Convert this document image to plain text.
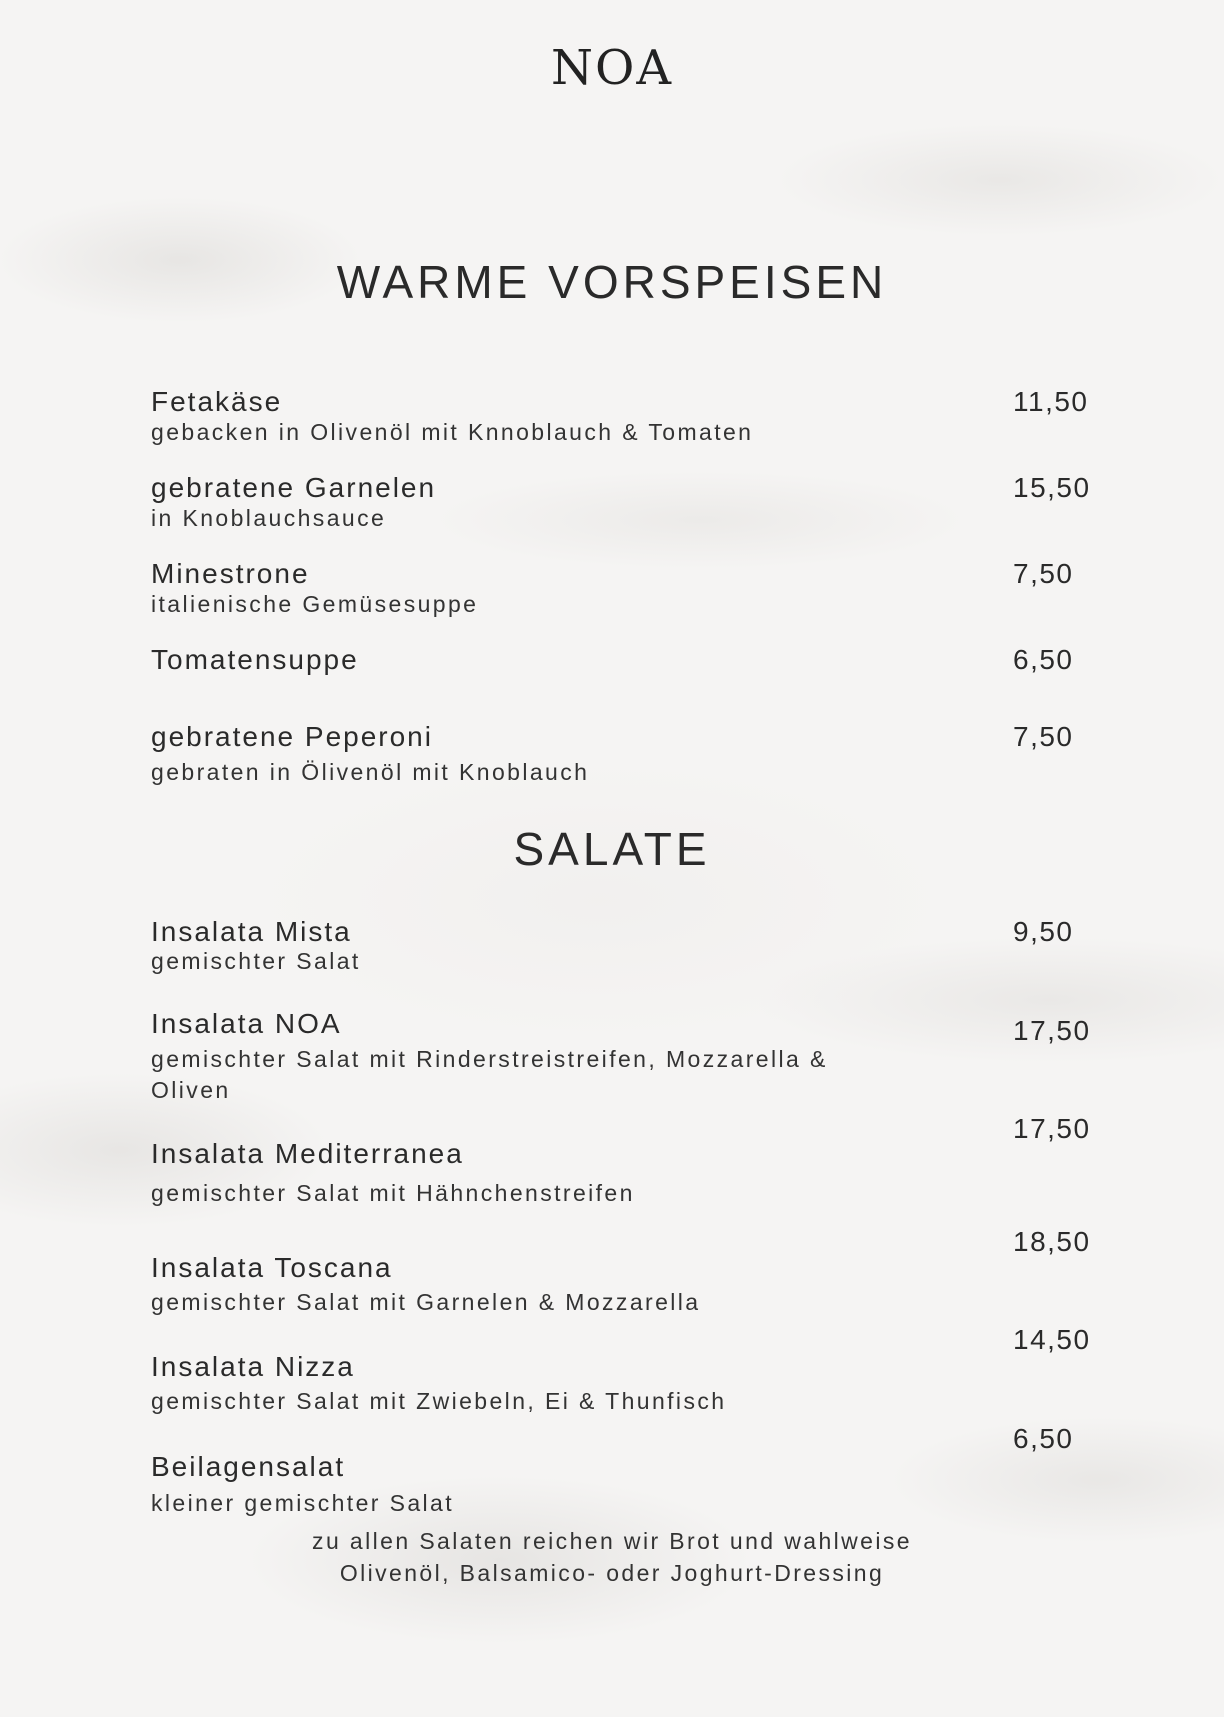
NOA
WARME VORSPEISEN
Fetakäse
gebacken in Olivenöl mit Knnoblauch & Tomaten
11,50
gebratene Garnelen
in Knoblauchsauce
15,50
Minestrone
italienische Gemüsesuppe
7,50
Tomatensuppe	6,50
gebratene Peperoni
gebraten in Ölivenöl mit Knoblauch
7,50
SALATE
Insalata Mista
gemischter Salat
9,50
Insalata NOA
gemischter Salat mit Rinderstreistreifen, Mozzarella & Oliven
17,50
Insalata Mediterranea
gemischter Salat mit Hähnchenstreifen
17,50
Insalata Toscana
gemischter Salat mit Garnelen & Mozzarella
18,50
Insalata Nizza
gemischter Salat mit Zwiebeln, Ei & Thunfisch
14,50
Beilagensalat
kleiner gemischter Salat
6,50
zu allen Salaten reichen wir Brot und wahlweise
Olivenöl, Balsamico- oder Joghurt-Dressing
